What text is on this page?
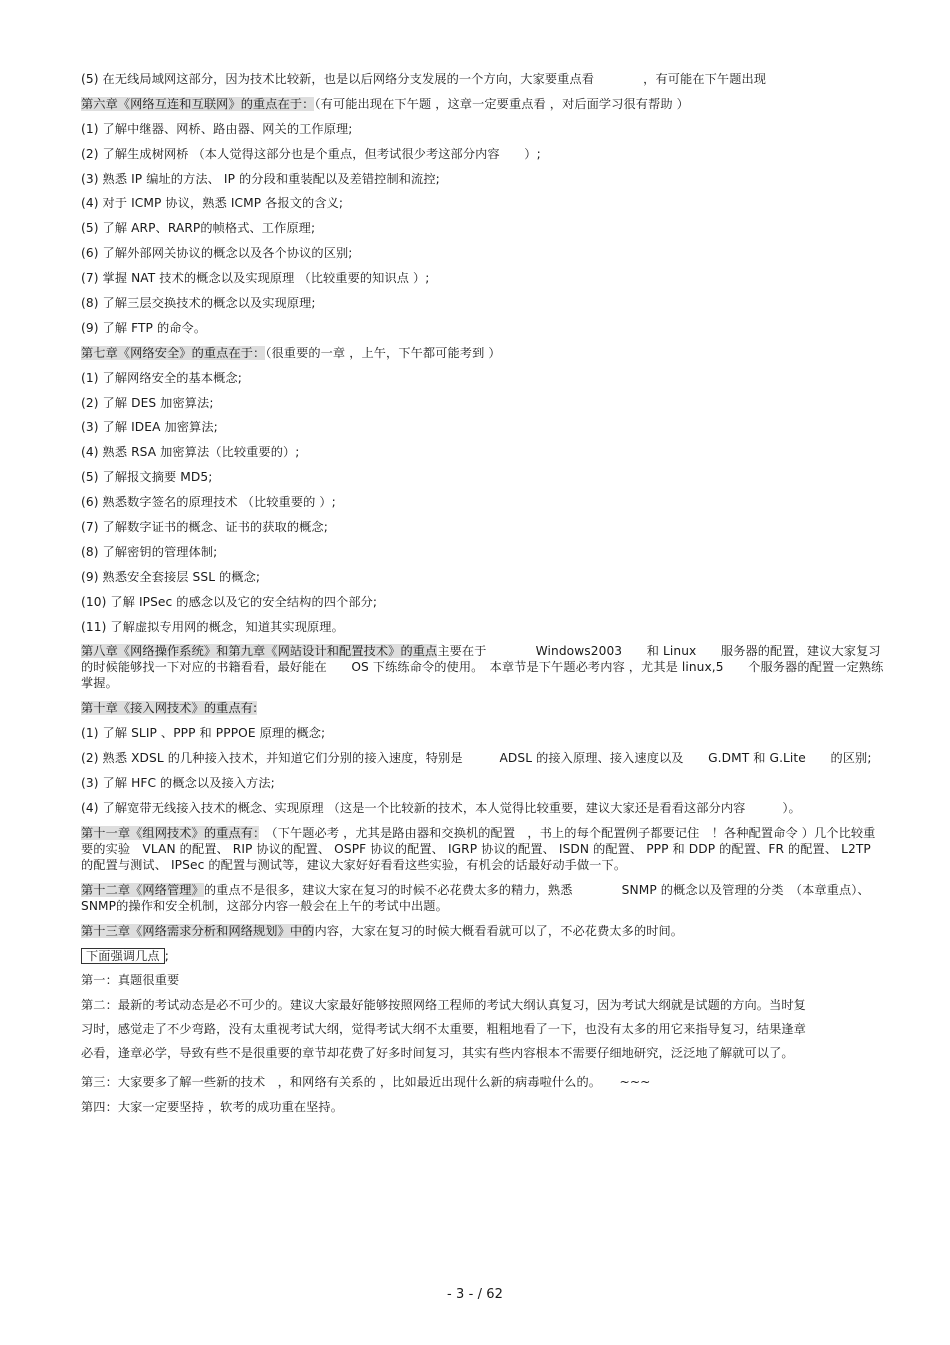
(5) 在无线局域网这部分，因为技术比较新，也是以后网络分支发展的一个方向，大家要重点看　　　　，有可能在下午题出现
第六章《网络互连和互联网》的重点在于：（有可能出现在下午题 ，这章一定要重点看 ，对后面学习很有帮助 ）
(1) 了解中继器、网桥、路由器、网关的工作原理;
(2) 了解生成树网桥 （本人觉得这部分也是个重点，但考试很少考这部分内容　　）;
(3) 熟悉 IP 编址的方法、 IP 的分段和重装配以及差错控制和流控;
(4) 对于 ICMP 协议，熟悉 ICMP 各报文的含义;
(5) 了解 ARP、RARP的帧格式、工作原理;
(6) 了解外部网关协议的概念以及各个协议的区别;
(7) 掌握 NAT 技术的概念以及实现原理 （比较重要的知识点 ）;
(8) 了解三层交换技术的概念以及实现原理;
(9) 了解 FTP 的命令。
第七章《网络安全》的重点在于：（很重要的一章 ，上午，下午都可能考到 ）
(1) 了解网络安全的基本概念;
(2) 了解 DES 加密算法;
(3) 了解 IDEA 加密算法;
(4) 熟悉 RSA 加密算法（比较重要的）;
(5) 了解报文摘要 MD5;
(6) 熟悉数字签名的原理技术 （比较重要的 ）;
(7) 了解数字证书的概念、证书的获取的概念;
(8) 了解密钥的管理体制;
(9) 熟悉安全套接层 SSL 的概念;
(10) 了解 IPSec 的感念以及它的安全结构的四个部分;
(11) 了解虚拟专用网的概念，知道其实现原理。
第八章《网络操作系统》和第九章《网站设计和配置技术》的重点主要在于　　　　Windows2003　　和 Linux　　服务器的配置，建议大家复习的时候能够找一下对应的书籍看看，最好能在　　OS 下练练命令的使用。　本章节是下午题必考内容 ，尤其是 linux,5　　个服务器的配置一定熟练掌握。
第十章《接入网技术》的重点有:
(1) 了解 SLIP 、PPP 和 PPPOE 原理的概念;
(2) 熟悉 XDSL 的几种接入技术，并知道它们分别的接入速度，特别是　　　ADSL 的接入原理、接入速度以及　　G.DMT 和 G.Lite　　的区别;
(3) 了解 HFC 的概念以及接入方法;
(4) 了解宽带无线接入技术的概念、实现原理 （这是一个比较新的技术，本人觉得比较重要，建议大家还是看看这部分内容　　　）。
第十一章《组网技术》的重点有：　（下午题必考 ，尤其是路由器和交换机的配置　，书上的每个配置例子都要记住　！各种配置命令 ）几个比较重要的实验　VLAN 的配置、 RIP 协议的配置、 OSPF 协议的配置、 IGRP 协议的配置、 ISDN 的配置、 PPP 和 DDP 的配置、FR 的配置、 L2TP 的配置与测试、 IPSec 的配置与测试等，建议大家好好看看这些实验，有机会的话最好动手做一下。
第十二章《网络管理》的重点不是很多，建议大家在复习的时候不必花费太多的精力，熟悉　　　　SNMP 的概念以及管理的分类　（本章重点）、SNMP的操作和安全机制，这部分内容一般会在上午的考试中出题。
第十三章《网络需求分析和网络规划》中的内容，大家在复习的时候大概看看就可以了，不必花费太多的时间。
下面强调几点 ;
第一：真题很重要
第二：最新的考试动态是必不可少的。建议大家最好能够按照网络工程师的考试大纲认真复习，因为考试大纲就是试题的方向。当时复习时，感觉走了不少弯路，没有太重视考试大纲，觉得考试大纲不太重要，粗粗地看了一下，也没有太多的用它来指导复习，结果逢章必看，逢章必学，导致有些不是很重要的章节却花费了好多时间复习，其实有些内容根本不需要仔细地研究，泛泛地了解就可以了。
第三：大家要多了解一些新的技术　，和网络有关系的 ，比如最近出现什么新的病毒啦什么的。　　~~~
第四：大家一定要坚持 ，软考的成功重在坚持。
- 3 - / 62
